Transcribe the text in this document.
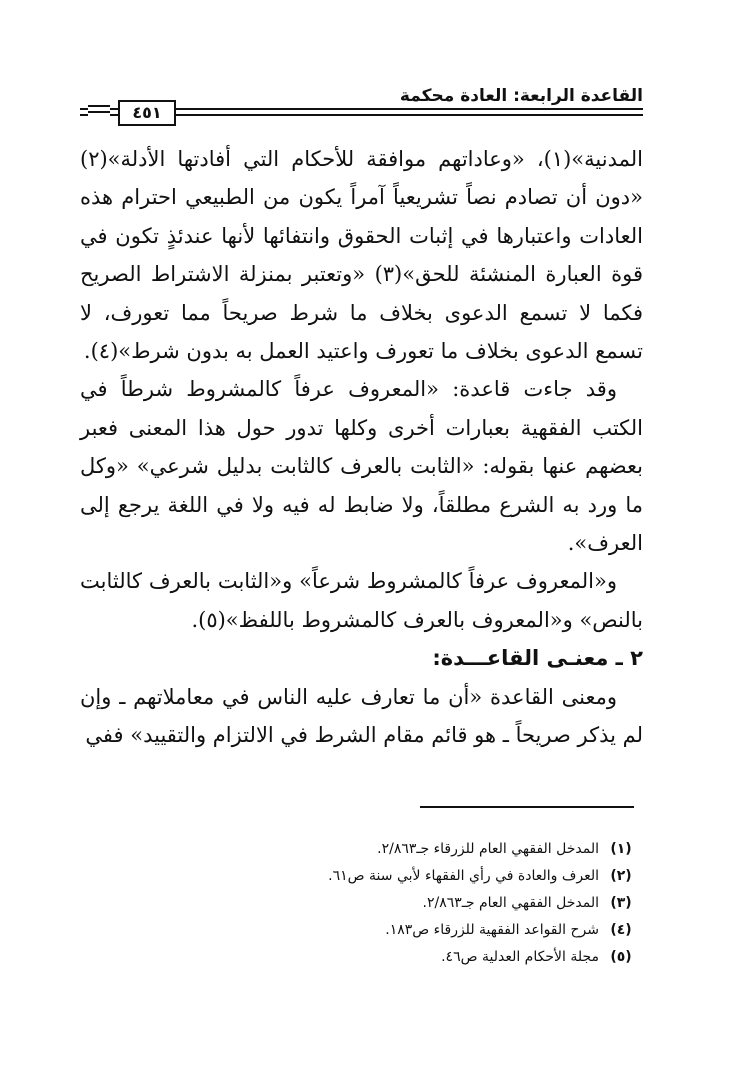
القاعدة الرابعة: العادة محكمة
٤٥١

المدنية»(١)، «وعاداتهم موافقة للأحكام التي أفادتها الأدلة»(٢) «دون أن تصادم نصاً تشريعياً آمراً يكون من الطبيعي احترام هذه العادات واعتبارها في إثبات الحقوق وانتفائها لأنها عندئذٍ تكون في قوة العبارة المنشئة للحق»(٣) «وتعتبر بمنزلة الاشتراط الصريح فكما لا تسمع الدعوى بخلاف ما شرط صريحاً مما تعورف، لا تسمع الدعوى بخلاف ما تعورف واعتيد العمل به بدون شرط»(٤).

وقد جاءت قاعدة: «المعروف عرفاً كالمشروط شرطاً في الكتب الفقهية بعبارات أخرى وكلها تدور حول هذا المعنى فعبر بعضهم عنها بقوله: «الثابت بالعرف كالثابت بدليل شرعي» «وكل ما ورد به الشرع مطلقاً، ولا ضابط له فيه ولا في اللغة يرجع إلى العرف».

و«المعروف عرفاً كالمشروط شرعاً» و«الثابت بالعرف كالثابت بالنص» و«المعروف بالعرف كالمشروط باللفظ»(٥).

٢ ـ معنـى القاعـــدة:

ومعنى القاعدة «أن ما تعارف عليه الناس في معاملاتهم ـ وإن لم يذكر صريحاً ـ هو قائم مقام الشرط في الالتزام والتقييد» ففي

(١)
المدخل الفقهي العام للزرقاء جـ٢/٨٦٣.
(٢)
العرف والعادة في رأي الفقهاء لأبي سنة ص٦١.
(٣)
المدخل الفقهي العام جـ٢/٨٦٣.
(٤)
شرح القواعد الفقهية للزرقاء ص١٨٣.
(٥)
مجلة الأحكام العدلية ص٤٦.
